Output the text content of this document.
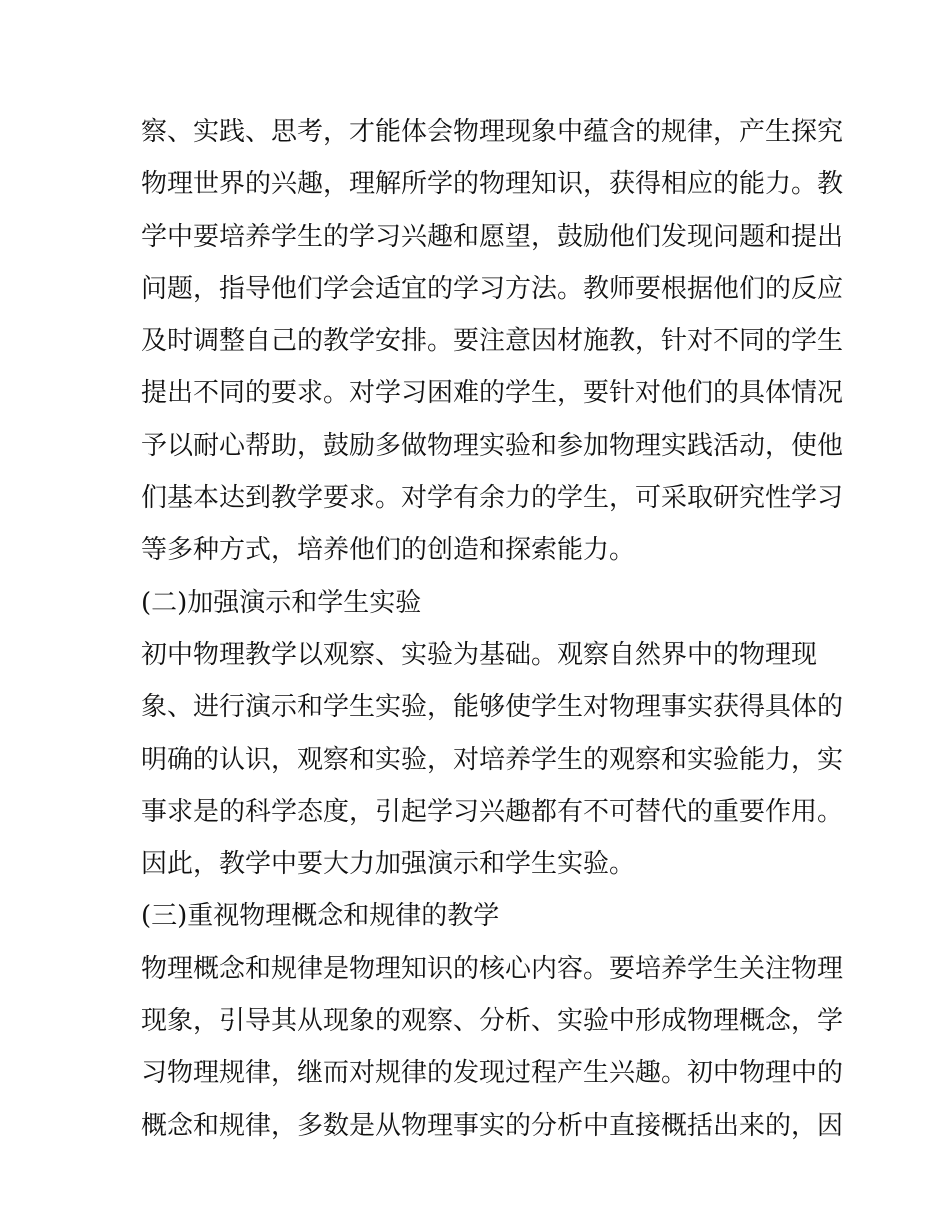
察、实践、思考，才能体会物理现象中蕴含的规律，产生探究
物理世界的兴趣，理解所学的物理知识，获得相应的能力。教
学中要培养学生的学习兴趣和愿望，鼓励他们发现问题和提出
问题，指导他们学会适宜的学习方法。教师要根据他们的反应
及时调整自己的教学安排。要注意因材施教，针对不同的学生
提出不同的要求。对学习困难的学生，要针对他们的具体情况
予以耐心帮助，鼓励多做物理实验和参加物理实践活动，使他
们基本达到教学要求。对学有余力的学生，可采取研究性学习
等多种方式，培养他们的创造和探索能力。
(二)加强演示和学生实验
初中物理教学以观察、实验为基础。观察自然界中的物理现
象、进行演示和学生实验，能够使学生对物理事实获得具体的
明确的认识，观察和实验，对培养学生的观察和实验能力，实
事求是的科学态度，引起学习兴趣都有不可替代的重要作用。
因此，教学中要大力加强演示和学生实验。
(三)重视物理概念和规律的教学
物理概念和规律是物理知识的核心内容。要培养学生关注物理
现象，引导其从现象的观察、分析、实验中形成物理概念，学
习物理规律，继而对规律的发现过程产生兴趣。初中物理中的
概念和规律，多数是从物理事实的分析中直接概括出来的，因
